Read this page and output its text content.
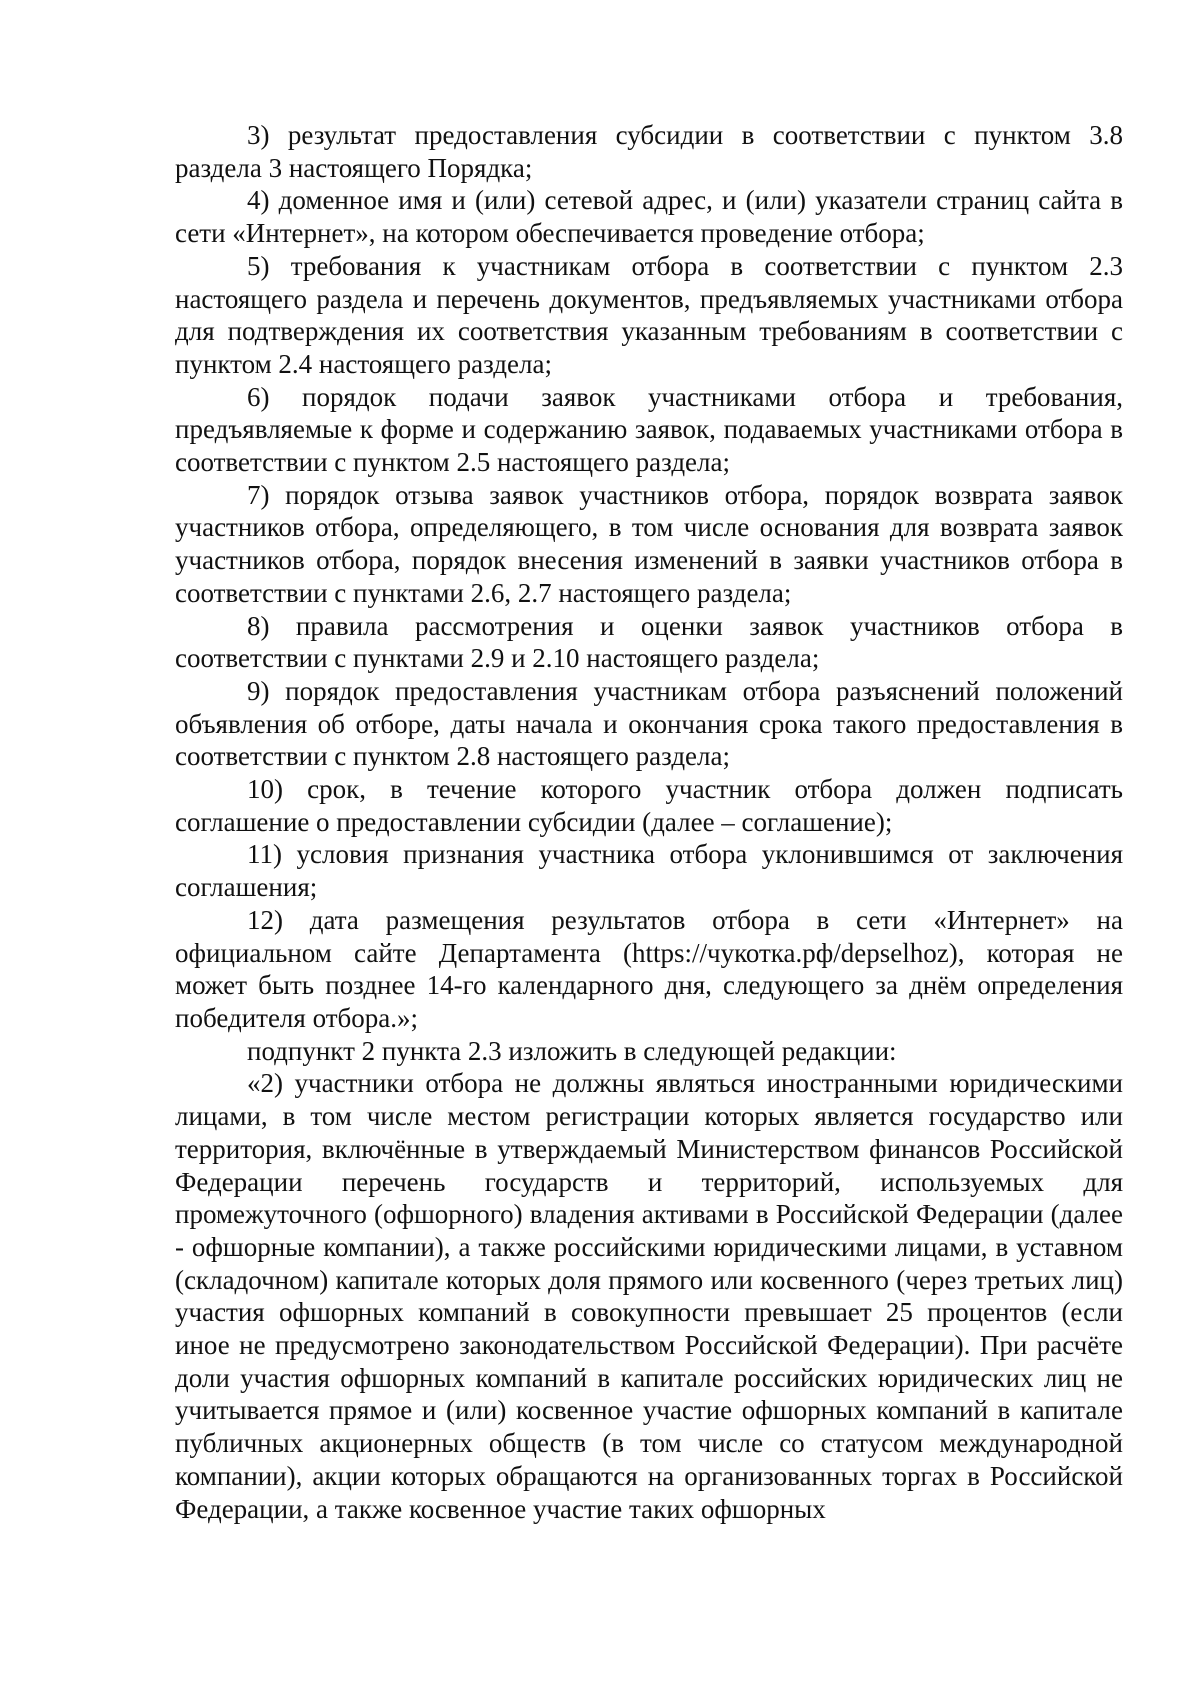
3) результат предоставления субсидии в соответствии с пунктом 3.8 раздела 3 настоящего Порядка;

4) доменное имя и (или) сетевой адрес, и (или) указатели страниц сайта в сети «Интернет», на котором обеспечивается проведение отбора;

5) требования к участникам отбора в соответствии с пунктом 2.3 настоящего раздела и перечень документов, предъявляемых участниками отбора для подтверждения их соответствия указанным требованиям в соответствии с пунктом 2.4 настоящего раздела;

6) порядок подачи заявок участниками отбора и требования, предъявляемые к форме и содержанию заявок, подаваемых участниками отбора в соответствии с пунктом 2.5 настоящего раздела;

7) порядок отзыва заявок участников отбора, порядок возврата заявок участников отбора, определяющего, в том числе основания для возврата заявок участников отбора, порядок внесения изменений в заявки участников отбора в соответствии с пунктами 2.6, 2.7 настоящего раздела;

8) правила рассмотрения и оценки заявок участников отбора в соответствии с пунктами 2.9 и 2.10 настоящего раздела;

9) порядок предоставления участникам отбора разъяснений положений объявления об отборе, даты начала и окончания срока такого предоставления в соответствии с пунктом 2.8 настоящего раздела;

10) срок, в течение которого участник отбора должен подписать соглашение о предоставлении субсидии (далее – соглашение);

11) условия признания участника отбора уклонившимся от заключения соглашения;

12) дата размещения результатов отбора в сети «Интернет» на официальном сайте Департамента (https://чукотка.рф/depselhoz), которая не может быть позднее 14-го календарного дня, следующего за днём определения победителя отбора.»;

подпункт 2 пункта 2.3 изложить в следующей редакции:

«2) участники отбора не должны являться иностранными юридическими лицами, в том числе местом регистрации которых является государство или территория, включённые в утверждаемый Министерством финансов Российской Федерации перечень государств и территорий, используемых для промежуточного (офшорного) владения активами в Российской Федерации (далее - офшорные компании), а также российскими юридическими лицами, в уставном (складочном) капитале которых доля прямого или косвенного (через третьих лиц) участия офшорных компаний в совокупности превышает 25 процентов (если иное не предусмотрено законодательством Российской Федерации). При расчёте доли участия офшорных компаний в капитале российских юридических лиц не учитывается прямое и (или) косвенное участие офшорных компаний в капитале публичных акционерных обществ (в том числе со статусом международной компании), акции которых обращаются на организованных торгах в Российской Федерации, а также косвенное участие таких офшорных
